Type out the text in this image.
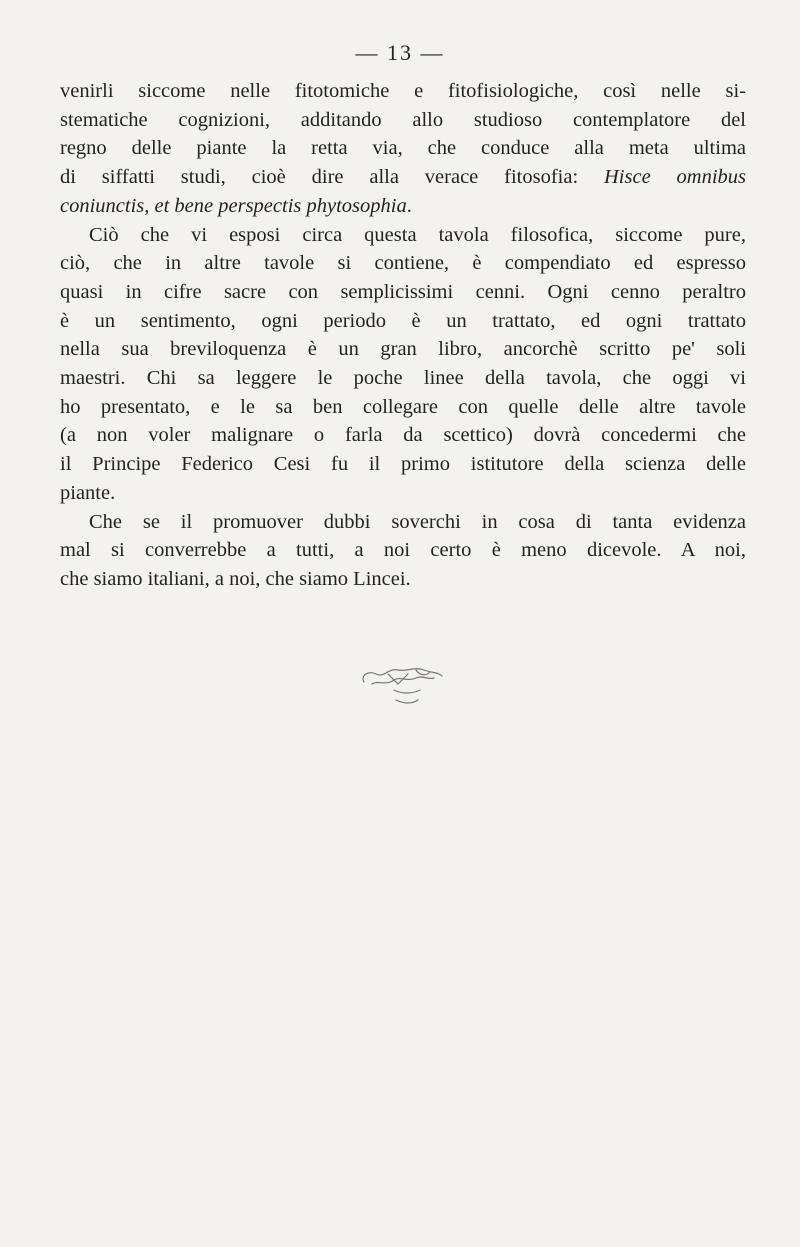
— 13 —
venirli siccome nelle fitotomiche e fitofisiologiche, così nelle si-
stematiche cognizioni, additando allo studioso contemplatore del
regno delle piante la retta via, che conduce alla meta ultima
di siffatti studi, cioè dire alla verace fitosofia: Hisce omnibus
coniunctis, et bene perspectis phytosophia.
Ciò che vi esposi circa questa tavola filosofica, siccome pure,
ciò, che in altre tavole si contiene, è compendiato ed espresso
quasi in cifre sacre con semplicissimi cenni. Ogni cenno peraltro
è un sentimento, ogni periodo è un trattato, ed ogni trattato
nella sua breviloquenza è un gran libro, ancorchè scritto pe' soli
maestri. Chi sa leggere le poche linee della tavola, che oggi vi
ho presentato, e le sa ben collegare con quelle delle altre tavole
(a non voler malignare o farla da scettico) dovrà concedermi che
il Principe Federico Cesi fu il primo istitutore della scienza delle
piante.
Che se il promuover dubbi soverchi in cosa di tanta evidenza
mal si converrebbe a tutti, a noi certo è meno dicevole. A noi,
che siamo italiani, a noi, che siamo Lincei.
